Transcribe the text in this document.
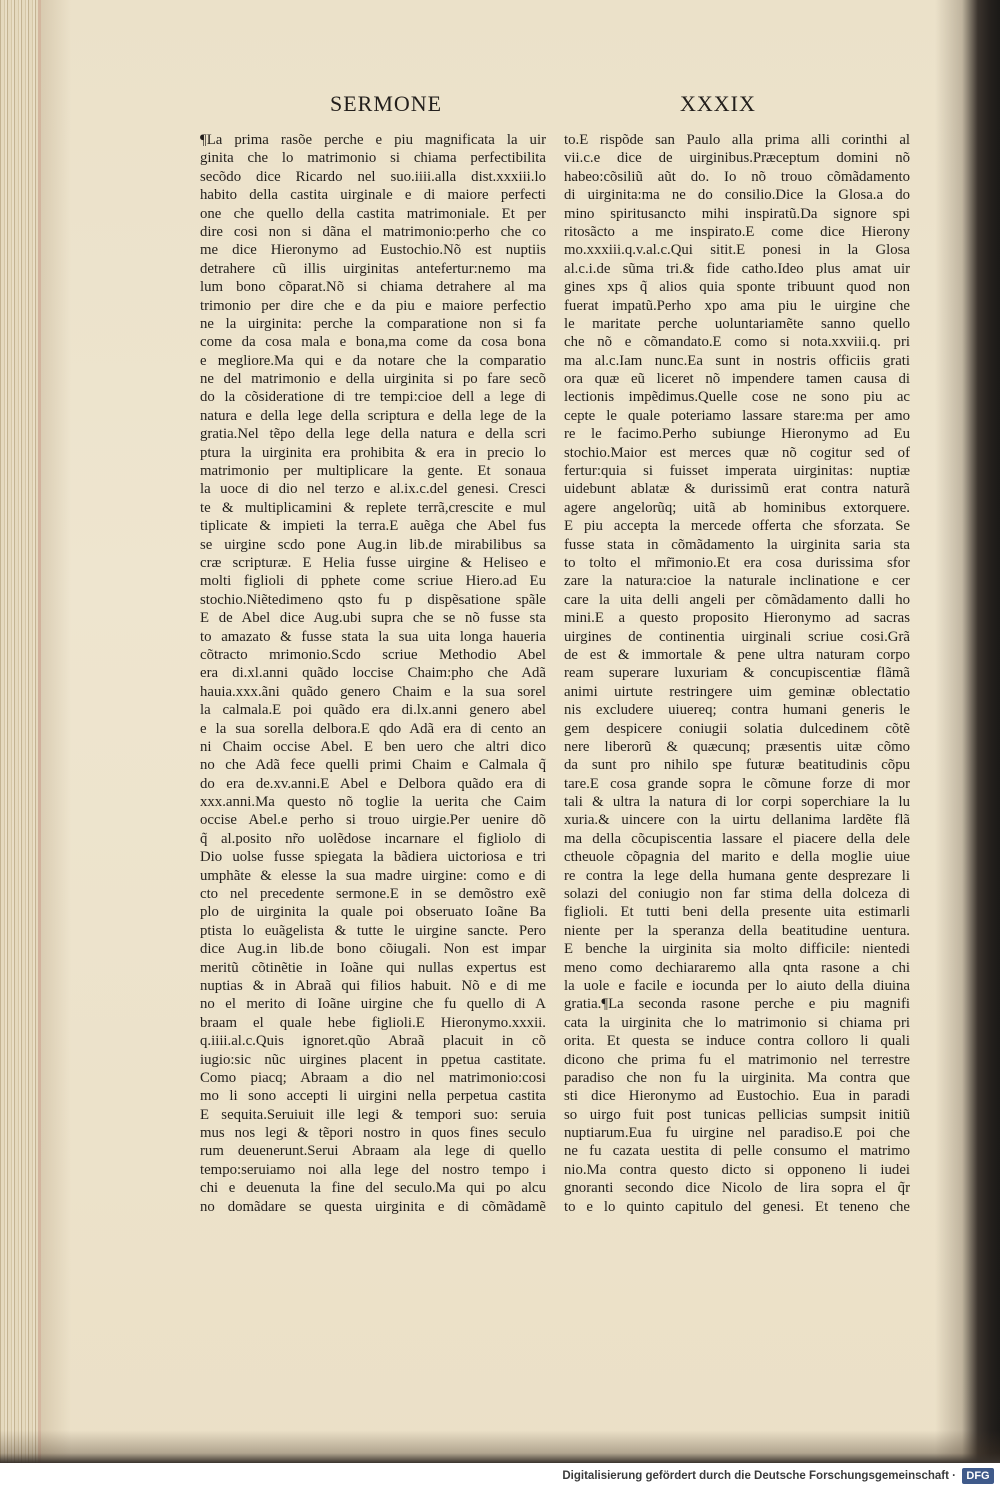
SERMONE	XXXIX
¶La prima rasõe perche e piu magnificata la uir
ginita che lo matrimonio si chiama perfectibilita
secõdo dice Ricardo nel suo.iiii.alla dist.xxxiii.lo
habito della castita uirginale e di maiore perfecti
one che quello della castita matrimoniale. Et per
dire cosi non si dãna el matrimonio:perho che co
me dice Hieronymo ad Eustochio.Nõ est nuptiis
detrahere cũ illis uirginitas antefertur:nemo ma
lum bono cõparat.Nõ si chiama detrahere al ma
trimonio per dire che e da piu e maiore perfectio
ne la uirginita: perche la comparatione non si fa
come da cosa mala e bona,ma come da cosa bona
e megliore.Ma qui e da notare che la comparatio
ne del matrimonio e della uirginita si po fare secõ
do la cõsideratione di tre tempi:cioe dell a lege di
natura e della lege della scriptura e della lege de la
gratia.Nel tẽpo della lege della natura e della scri
ptura la uirginita era prohibita & era in precio lo
matrimonio per multiplicare la gente. Et sonaua
la uoce di dio nel terzo e al.ix.c.del genesi. Cresci
te & multiplicamini & replete terrã,crescite e mul
tiplicate & impieti la terra.E auẽga che Abel fus
se uirgine scdo pone Aug.in lib.de mirabilibus sa
cræ scripturæ. E Helia fusse uirgine & Heliseo e
molti figlioli di pphete come scriue Hiero.ad Eu
stochio.Niẽtedimeno qsto fu p dispẽsatione spãle
E de Abel dice Aug.ubi supra che se nõ fusse sta
to amazato & fusse stata la sua uita longa haueria
cõtracto mrimonio.Scdo scriue Methodio Abel
era di.xl.anni quãdo loccise Chaim:pho che Adã
hauia.xxx.ãni quãdo genero Chaim e la sua sorel
la calmala.E poi quãdo era di.lx.anni genero abel
e la sua sorella delbora.E qdo Adã era di cento an
ni Chaim occise Abel. E ben uero che altri dico
no che Adã fece quelli primi Chaim e Calmala q̃
do era de.xv.anni.E Abel e Delbora quãdo era di
xxx.anni.Ma questo nõ toglie la uerita che Caim
occise Abel.e perho si trouo uirgie.Per uenire dõ
q̃ al.posito nr̃o uolẽdose incarnare el figliolo di
Dio uolse fusse spiegata la bãdiera uictoriosa e tri
umphãte & elesse la sua madre uirgine: como e di
cto nel precedente sermone.E in se demõstro exẽ
plo de uirginita la quale poi obseruato Ioãne Ba
ptista lo euãgelista & tutte le uirgine sancte. Pero
dice Aug.in lib.de bono cõiugali. Non est impar
meritũ cõtinẽtie in Ioãne qui nullas expertus est
nuptias & in Abraã qui filios habuit. Nõ e di me
no el merito di Ioãne uirgine che fu quello di A
braam el quale hebe figlioli.E Hieronymo.xxxii.
q.iiii.al.c.Quis ignoret.qũo Abraã placuit in cõ
iugio:sic nũc uirgines placent in ppetua castitate.
Como piacq; Abraam a dio nel matrimonio:cosi
mo li sono accepti li uirgini nella perpetua castita
E sequita.Seruiuit ille legi & tempori suo: seruia
mus nos legi & tẽpori nostro in quos fines seculo
rum deuenerunt.Serui Abraam ala lege di quello
tempo:seruiamo noi alla lege del nostro tempo i
chi e deuenuta la fine del seculo.Ma qui po alcu
no domãdare se questa uirginita e di cõmãdamẽ
to.E rispõde san Paulo alla prima alli corinthi al
vii.c.e dice de uirginibus.Præceptum domini nõ
habeo:cõsiliũ aũt do. Io nõ trouo cõmãdamento
di uirginita:ma ne do consilio.Dice la Glosa.a do
mino spiritusancto mihi inspiratũ.Da signore spi
ritosãcto a me inspirato.E come dice Hierony
mo.xxxiii.q.v.al.c.Qui sitit.E ponesi in la Glosa
al.c.i.de sũma tri.& fide catho.Ideo plus amat uir
gines xps q̃ alios quia sponte tribuunt quod non
fuerat impatũ.Perho xpo ama piu le uirgine che
le maritate perche uoluntariamẽte sanno quello
che nõ e cõmandato.E como si nota.xxviii.q. pri
ma al.c.Iam nunc.Ea sunt in nostris officiis grati
ora quæ eũ liceret nõ impendere tamen causa di
lectionis impẽdimus.Quelle cose ne sono piu ac
cepte le quale poteriamo lassare stare:ma per amo
re le facimo.Perho subiunge Hieronymo ad Eu
stochio.Maior est merces quæ nõ cogitur sed of
fertur:quia si fuisset imperata uirginitas: nuptiæ
uidebunt ablatæ & durissimũ erat contra naturã
agere angelorũq; uitã ab hominibus extorquere.
E piu accepta la mercede offerta che sforzata. Se
fusse stata in cõmãdamento la uirginita saria sta
to tolto el mr̃imonio.Et era cosa durissima sfor
zare la natura:cioe la naturale inclinatione e cer
care la uita delli angeli per cõmãdamento dalli ho
mini.E a questo proposito Hieronymo ad sacras
uirgines de continentia uirginali scriue cosi.Grã
de est & immortale & pene ultra naturam corpo
ream superare luxuriam & concupiscentiæ flãmã
animi uirtute restringere uim geminæ oblectatio
nis excludere uiuereq; contra humani generis le
gem despicere coniugii solatia dulcedinem cõtẽ
nere liberorũ & quæcunq; præsentis uitæ cõmo
da sunt pro nihilo spe futuræ beatitudinis cõpu
tare.E cosa grande sopra le cõmune forze di mor
tali & ultra la natura di lor corpi soperchiare la lu
xuria.& uincere con la uirtu dellanima lardẽte flã
ma della cõcupiscentia lassare el piacere della dele
ctheuole cõpagnia del marito e della moglie uiue
re contra la lege della humana gente desprezare li
solazi del coniugio non far stima della dolceza di
figlioli. Et tutti beni della presente uita estimarli
niente per la speranza della beatitudine uentura.
E benche la uirginita sia molto difficile: nientedi
meno como dechiararemo alla qnta rasone a chi
la uole e facile e iocunda per lo aiuto della diuina
gratia.¶La seconda rasone perche e piu magnifi
cata la uirginita che lo matrimonio si chiama pri
orita. Et questa se induce contra colloro li quali
dicono che prima fu el matrimonio nel terrestre
paradiso che non fu la uirginita. Ma contra que
sti dice Hieronymo ad Eustochio. Eua in paradi
so uirgo fuit post tunicas pellicias sumpsit initiũ
nuptiarum.Eua fu uirgine nel paradiso.E poi che
ne fu cazata uestita di pelle consumo el matrimo
nio.Ma contra questo dicto si opponeno li iudei
gnoranti secondo dice Nicolo de lira sopra el q̃r
to e lo quinto capitulo del genesi. Et teneno che
Digitalisierung gefördert durch die Deutsche Forschungsgemeinschaft ·	DFG
